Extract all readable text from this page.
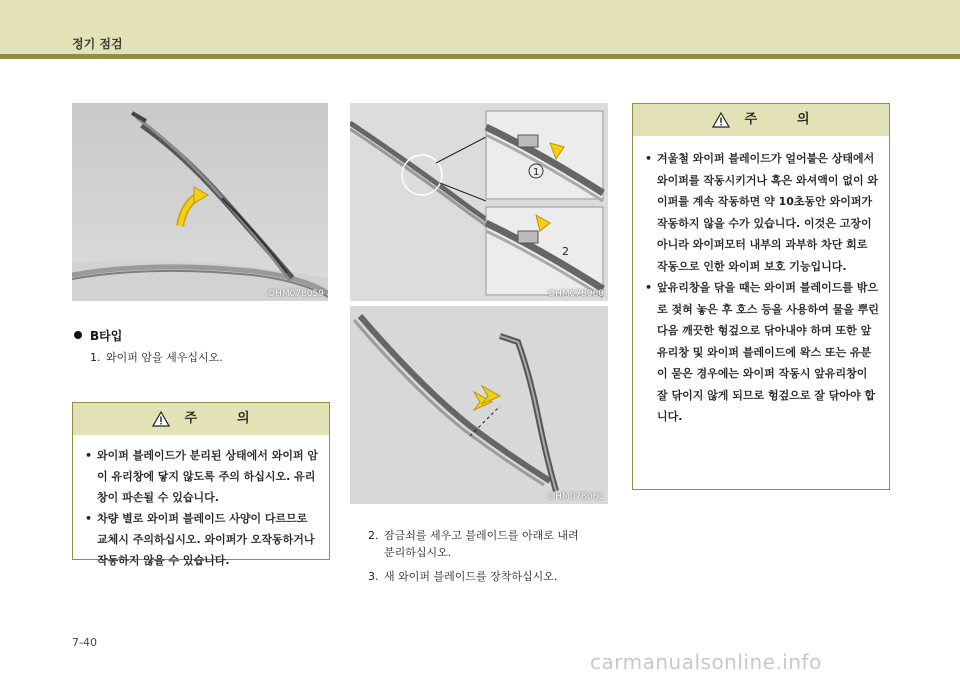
정기 점검
OHM078059
1
2
OHM078060
OHM078061
B타입
1. 와이퍼 암을 세우십시오.
주	의
• 와이퍼 블레이드가 분리된 상태에서 와이퍼 암이 유리창에 닿지 않도록 주의 하십시오. 유리창이 파손될 수 있습니다.
• 차량 별로 와이퍼 블레이드 사양이 다르므로 교체시 주의하십시오. 와이퍼가 오작동하거나 작동하지 않을 수 있습니다.
2. 잠금쇠를 세우고 블레이드를 아래로 내려
분리하십시오.
3. 새 와이퍼 블레이드를 장착하십시오.
주	의
• 겨울철 와이퍼 블레이드가 얼어붙은 상태에서 와이퍼를 작동시키거나 혹은 와셔액이 없이 와이퍼를 계속 작동하면 약 10초동안 와이퍼가 작동하지 않을 수가 있습니다. 이것은 고장이 아니라 와이퍼모터 내부의 과부하 차단 회로 작동으로 인한 와이퍼 보호 기능입니다.
• 앞유리창을 닦을 때는 와이퍼 블레이드를 밖으로 젖혀 놓은 후 호스 등을 사용하여 물을 뿌린다음 깨끗한 헝겊으로 닦아내야 하며 또한 앞유리창 및 와이퍼 블레이드에 왁스 또는 유분이 묻은 경우에는 와이퍼 작동시 앞유리창이 잘 닦이지 않게 되므로 헝겊으로 잘 닦아야 합니다.
7-40
carmanualsonline.info
